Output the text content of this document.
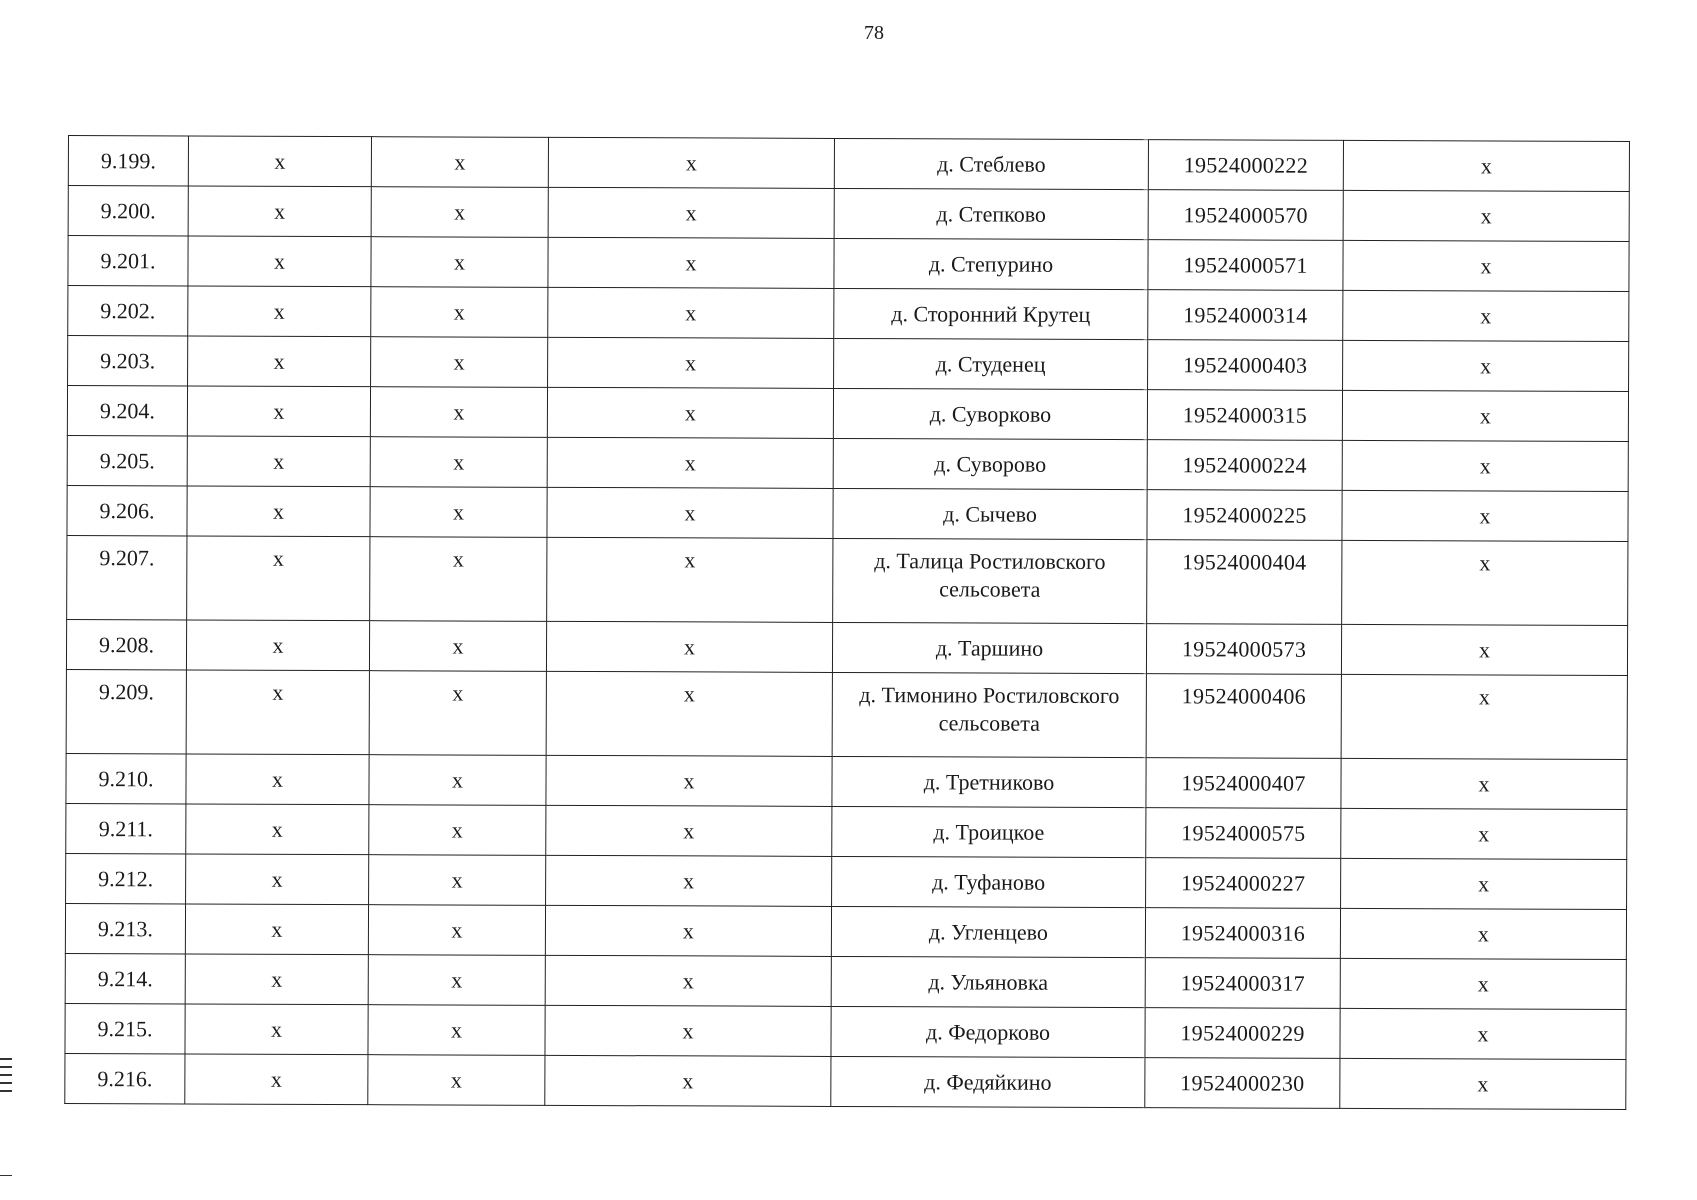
78
9.199.	x	x	x	д. Стеблево	19524000222	x
9.200.	x	x	x	д. Степково	19524000570	x
9.201.	x	x	x	д. Степурино	19524000571	x
9.202.	x	x	x	д. Сторонний Крутец	19524000314	x
9.203.	x	x	x	д. Студенец	19524000403	x
9.204.	x	x	x	д. Суворково	19524000315	x
9.205.	x	x	x	д. Суворово	19524000224	x
9.206.	x	x	x	д. Сычево	19524000225	x
9.207.	x	x	x	д. Талица Ростиловского сельсовета	19524000404	x
9.208.	x	x	x	д. Таршино	19524000573	x
9.209.	x	x	x	д. Тимонино Ростиловского сельсовета	19524000406	x
9.210.	x	x	x	д. Третниково	19524000407	x
9.211.	x	x	x	д. Троицкое	19524000575	x
9.212.	x	x	x	д. Туфаново	19524000227	x
9.213.	x	x	x	д. Угленцево	19524000316	x
9.214.	x	x	x	д. Ульяновка	19524000317	x
9.215.	x	x	x	д. Федорково	19524000229	x
9.216.	x	x	x	д. Федяйкино	19524000230	x
